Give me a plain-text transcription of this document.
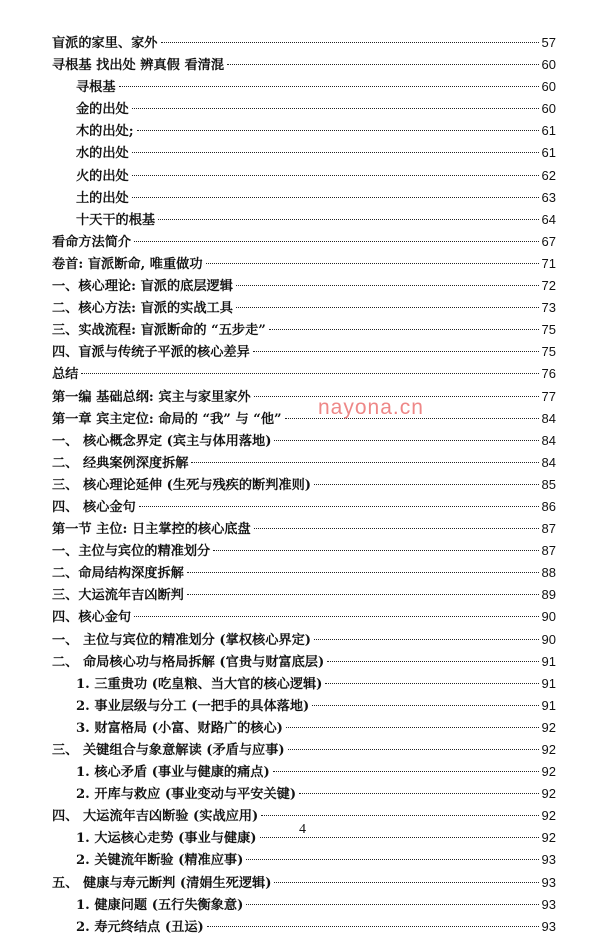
盲派的家里、家外	57
寻根基 找出处 辨真假 看清混	60
寻根基	60
金的出处	60
木的出处;	61
水的出处	61
火的出处	62
土的出处	63
十天干的根基	64
看命方法简介	67
卷首: 盲派断命, 唯重做功	71
一、核心理论: 盲派的底层逻辑	72
二、核心方法: 盲派的实战工具	73
三、实战流程: 盲派断命的 “五步走”	75
四、盲派与传统子平派的核心差异	75
总结	76
第一编 基础总纲: 宾主与家里家外	77
第一章 宾主定位: 命局的 “我” 与 “他”	84
一、 核心概念界定 (宾主与体用落地)	84
二、 经典案例深度拆解	84
三、 核心理论延伸 (生死与残疾的断判准则)	85
四、 核心金句	86
第一节 主位: 日主掌控的核心底盘	87
一、主位与宾位的精准划分	87
二、命局结构深度拆解	88
三、大运流年吉凶断判	89
四、核心金句	90
一、 主位与宾位的精准划分 (掌权核心界定)	90
二、 命局核心功与格局拆解 (官贵与财富底层)	91
1. 三重贵功 (吃皇粮、当大官的核心逻辑)	91
2. 事业层级与分工 (一把手的具体落地)	91
3. 财富格局 (小富、财路广的核心)	92
三、 关键组合与象意解读 (矛盾与应事)	92
1. 核心矛盾 (事业与健康的痛点)	92
2. 开库与救应 (事业变动与平安关键)	92
四、 大运流年吉凶断验 (实战应用)	92
1. 大运核心走势 (事业与健康)	92
2. 关键流年断验 (精准应事)	93
五、 健康与寿元断判 (清娟生死逻辑)	93
1. 健康问题 (五行失衡象意)	93
2. 寿元终结点 (丑运)	93
nayona.cn
4
